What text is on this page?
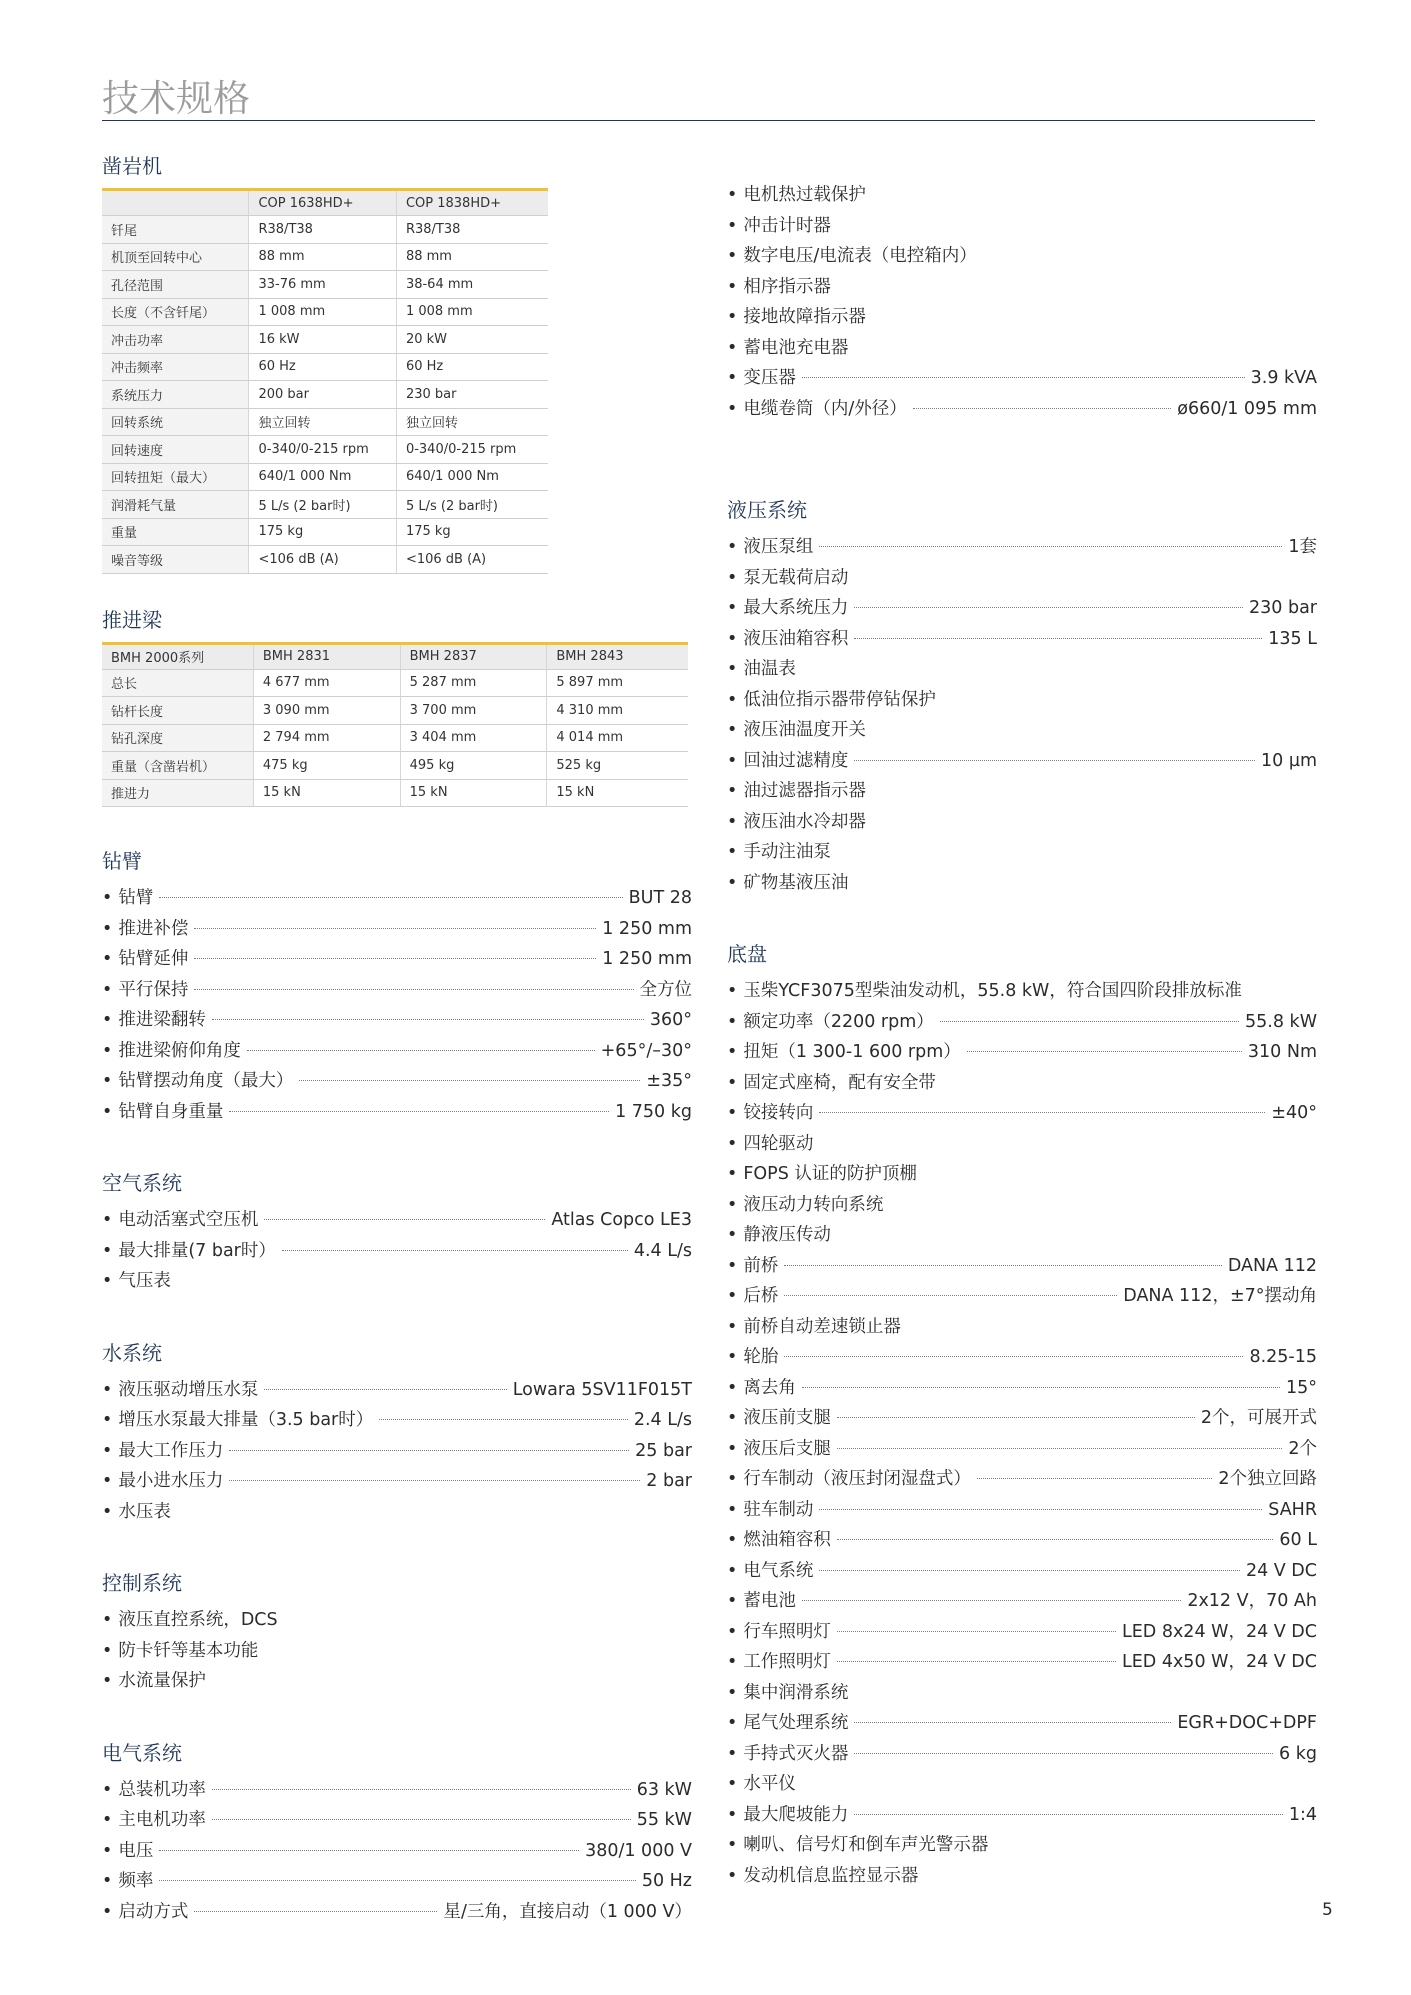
技术规格
凿岩机
	COP 1638HD+	COP 1838HD+
钎尾	R38/T38	R38/T38
机顶至回转中心	88 mm	88 mm
孔径范围	33-76 mm	38-64 mm
长度（不含钎尾）	1 008 mm	1 008 mm
冲击功率	16 kW	20 kW
冲击频率	60 Hz	60 Hz
系统压力	200 bar	230 bar
回转系统	独立回转	独立回转
回转速度	0-340/0-215 rpm	0-340/0-215 rpm
回转扭矩（最大）	640/1 000 Nm	640/1 000 Nm
润滑耗气量	5 L/s (2 bar时)	5 L/s (2 bar时)
重量	175 kg	175 kg
噪音等级	<106 dB (A)	<106 dB (A)
推进梁
BMH 2000系列	BMH 2831	BMH 2837	BMH 2843
总长	4 677 mm	5 287 mm	5 897 mm
钻杆长度	3 090 mm	3 700 mm	4 310 mm
钻孔深度	2 794 mm	3 404 mm	4 014 mm
重量（含凿岩机）	475 kg	495 kg	525 kg
推进力	15 kN	15 kN	15 kN
钻臂
• 钻臂	BUT 28
• 推进补偿	1 250 mm
• 钻臂延伸	1 250 mm
• 平行保持	全方位
• 推进梁翻转	360°
• 推进梁俯仰角度	+65°/–30°
• 钻臂摆动角度（最大）	±35°
• 钻臂自身重量	1 750 kg
空气系统
• 电动活塞式空压机	Atlas Copco LE3
• 最大排量(7 bar时）	4.4 L/s
• 气压表
水系统
• 液压驱动增压水泵	Lowara 5SV11F015T
• 增压水泵最大排量（3.5 bar时）	2.4 L/s
• 最大工作压力	25 bar
• 最小进水压力	2 bar
• 水压表
控制系统
• 液压直控系统，DCS
• 防卡钎等基本功能
• 水流量保护
电气系统
• 总装机功率	63 kW
• 主电机功率	55 kW
• 电压	380/1 000 V
• 频率	50 Hz
• 启动方式	星/三角，直接启动（1 000 V）
• 电机热过载保护
• 冲击计时器
• 数字电压/电流表（电控箱内）
• 相序指示器
• 接地故障指示器
• 蓄电池充电器
• 变压器	3.9 kVA
• 电缆卷筒（内/外径）	ø660/1 095 mm
液压系统
• 液压泵组	1套
• 泵无载荷启动
• 最大系统压力	230 bar
• 液压油箱容积	135 L
• 油温表
• 低油位指示器带停钻保护
• 液压油温度开关
• 回油过滤精度	10 µm
• 油过滤器指示器
• 液压油水冷却器
• 手动注油泵
• 矿物基液压油
底盘
• 玉柴YCF3075型柴油发动机，55.8 kW，符合国四阶段排放标准
• 额定功率（2200 rpm）	55.8 kW
• 扭矩（1 300-1 600 rpm）	310 Nm
• 固定式座椅，配有安全带
• 铰接转向	±40°
• 四轮驱动
• FOPS 认证的防护顶棚
• 液压动力转向系统
• 静液压传动
• 前桥	DANA 112
• 后桥	DANA 112，±7°摆动角
• 前桥自动差速锁止器
• 轮胎	8.25-15
• 离去角	15°
• 液压前支腿	2个，可展开式
• 液压后支腿	2个
• 行车制动（液压封闭湿盘式）	2个独立回路
• 驻车制动	SAHR
• 燃油箱容积	60 L
• 电气系统	24 V DC
• 蓄电池	2x12 V，70 Ah
• 行车照明灯	LED 8x24 W，24 V DC
• 工作照明灯	LED 4x50 W，24 V DC
• 集中润滑系统
• 尾气处理系统	EGR+DOC+DPF
• 手持式灭火器	6 kg
• 水平仪
• 最大爬坡能力	1:4
• 喇叭、信号灯和倒车声光警示器
• 发动机信息监控显示器
5
